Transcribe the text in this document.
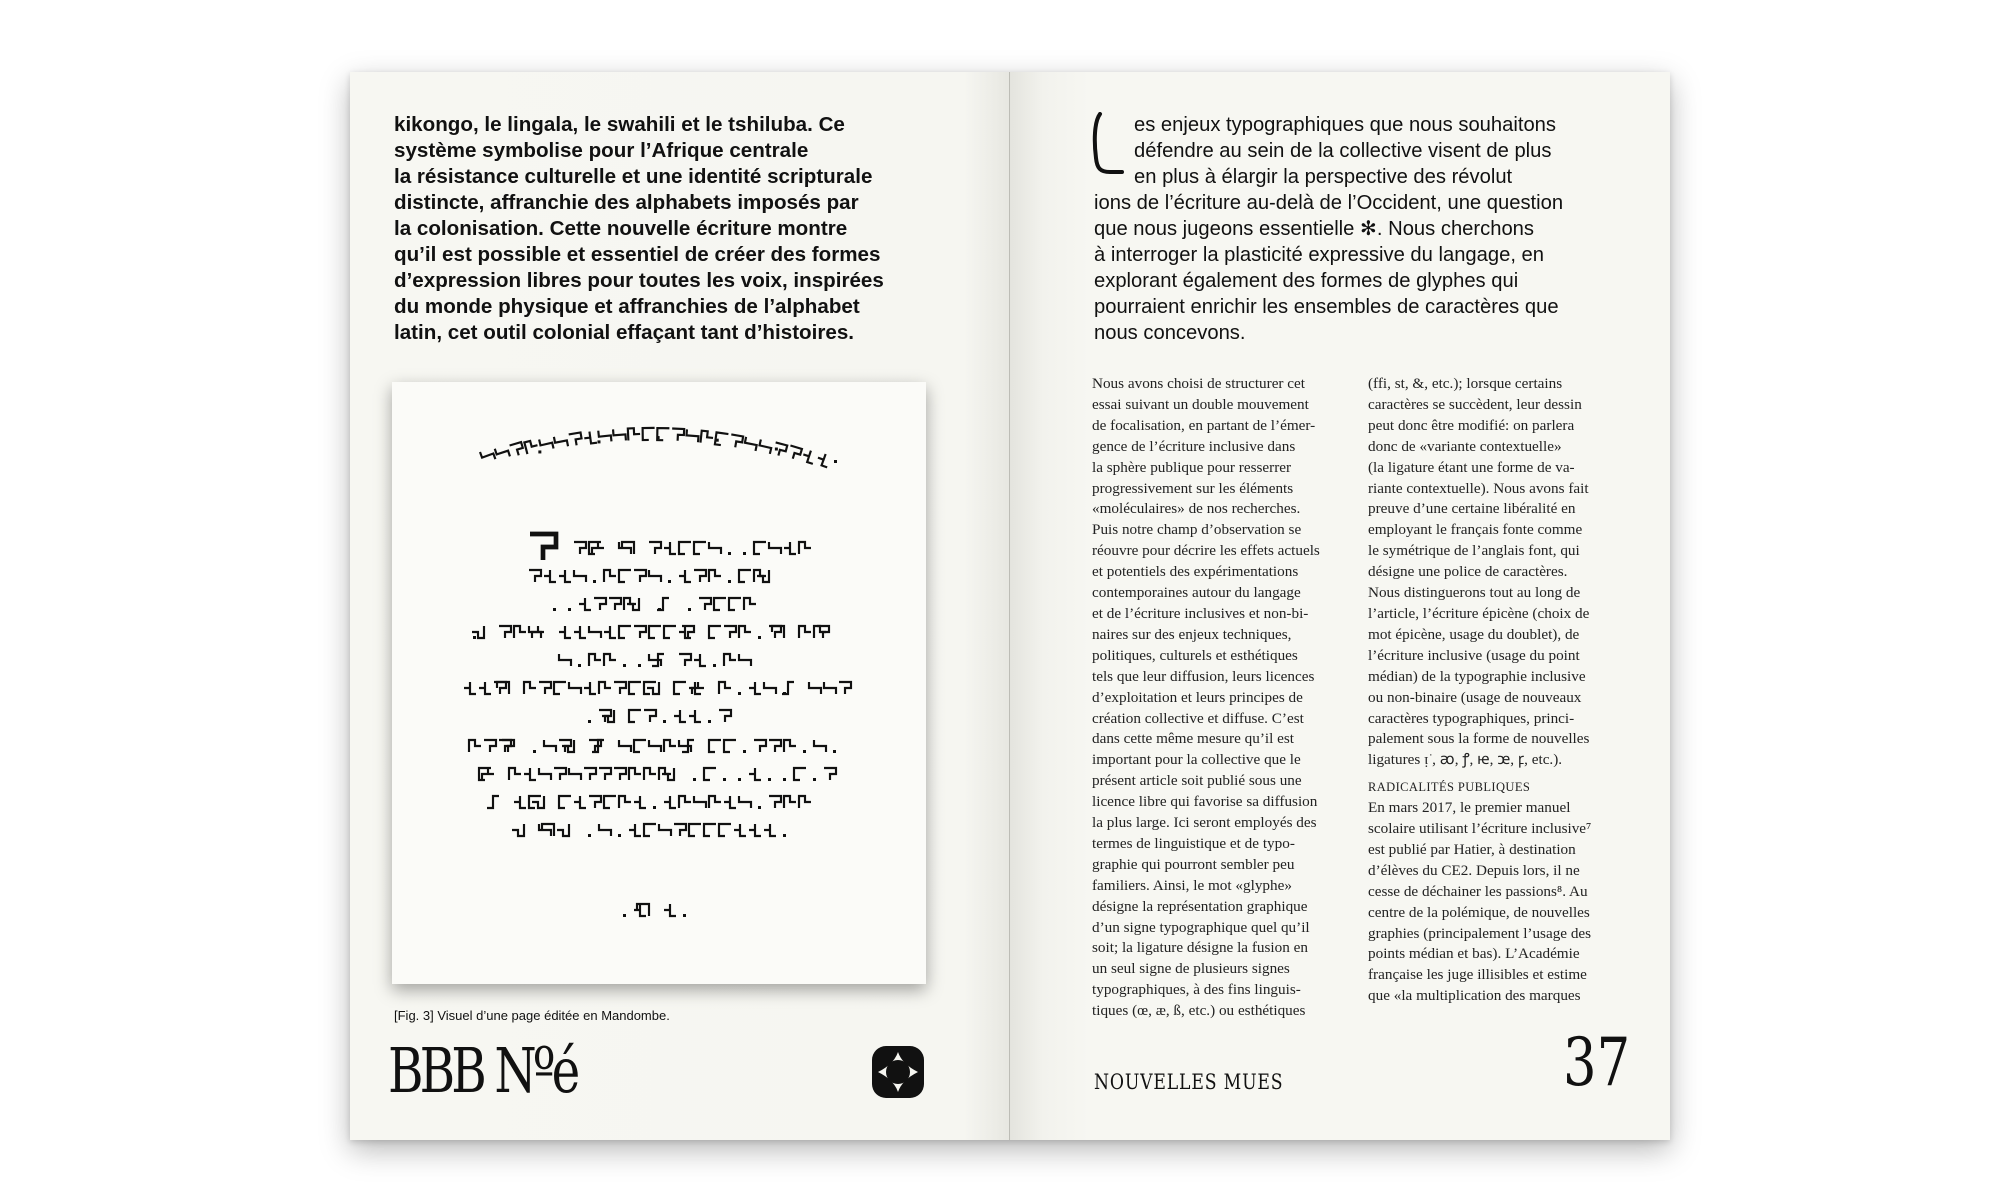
kikongo, le lingala, le swahili et le tshiluba. Ce
système symbolise pour l’Afrique centrale
la résistance culturelle et une identité scripturale
distincte, affranchie des alphabets imposés par
la colonisation. Cette nouvelle écriture montre
qu’il est possible et essentiel de créer des formes
d’expression libres pour toutes les voix, inspirées
du monde physique et affranchies de l’alphabet
latin, cet outil colonial effaçant tant d’histoires.
[Fig. 3] Visuel d’une page éditée en Mandombe.
BBB Nºé
es enjeux typographiques que nous souhaitons
défendre au sein de la collective visent de plus
en plus à élargir la perspective des révolut
ions de l’écriture au-delà de l’Occident, une question
que nous jugeons essentielle ✻. Nous cherchons
à interroger la plasticité expressive du langage, en
explorant également des formes de glyphes qui
pourraient enrichir les ensembles de caractères que
nous concevons.
Nous avons choisi de structurer cet
essai suivant un double mouvement
de focalisation, en partant de l’émer-
gence de l’écriture inclusive dans
la sphère publique pour resserrer
progressivement sur les éléments
«moléculaires» de nos recherches.
Puis notre champ d’observation se
réouvre pour décrire les effets actuels
et potentiels des expérimentations
contemporaines autour du langage
et de l’écriture inclusives et non-bi-
naires sur des enjeux techniques,
politiques, culturels et esthétiques
tels que leur diffusion, leurs licences
d’exploitation et leurs principes de
création collective et diffuse. C’est
dans cette même mesure qu’il est
important pour la collective que le
présent article soit publié sous une
licence libre qui favorise sa diffusion
la plus large. Ici seront employés des
termes de linguistique et de typo-
graphie qui pourront sembler peu
familiers. Ainsi, le mot «glyphe»
désigne la représentation graphique
d’un signe typographique quel qu’il
soit; la ligature désigne la fusion en
un seul signe de plusieurs signes
typographiques, à des fins linguis-
tiques (œ, æ, ß, etc.) ou esthétiques
(ffi, st, &, etc.); lorsque certains
caractères se succèdent, leur dessin
peut donc être modifié: on parlera
donc de «variante contextuelle»
(la ligature étant une forme de va-
riante contextuelle). Nous avons fait
preuve d’une certaine libéralité en
employant le français fonte comme
le symétrique de l’anglais font, qui
désigne une police de caractères.
Nous distinguerons tout au long de
l’article, l’écriture épicène (choix de
mot épicène, usage du doublet), de
l’écriture inclusive (usage du point
médian) de la typographie inclusive
ou non-binaire (usage de nouveaux
caractères typographiques, princi-
palement sous la forme de nouvelles
ligatures ᴉ͘ , ꜵ, ꝭ, ꭡ, ꭢ, ꝼ, etc.).
RADICALITÉS PUBLIQUES
En mars 2017, le premier manuel
scolaire utilisant l’écriture inclusive⁷
est publié par Hatier, à destination
d’élèves du CE2. Depuis lors, il ne
cesse de déchainer les passions⁸. Au
centre de la polémique, de nouvelles
graphies (principalement l’usage des
points médian et bas). L’Académie
française les juge illisibles et estime
que «la multiplication des marques
NOUVELLES MUES	37
